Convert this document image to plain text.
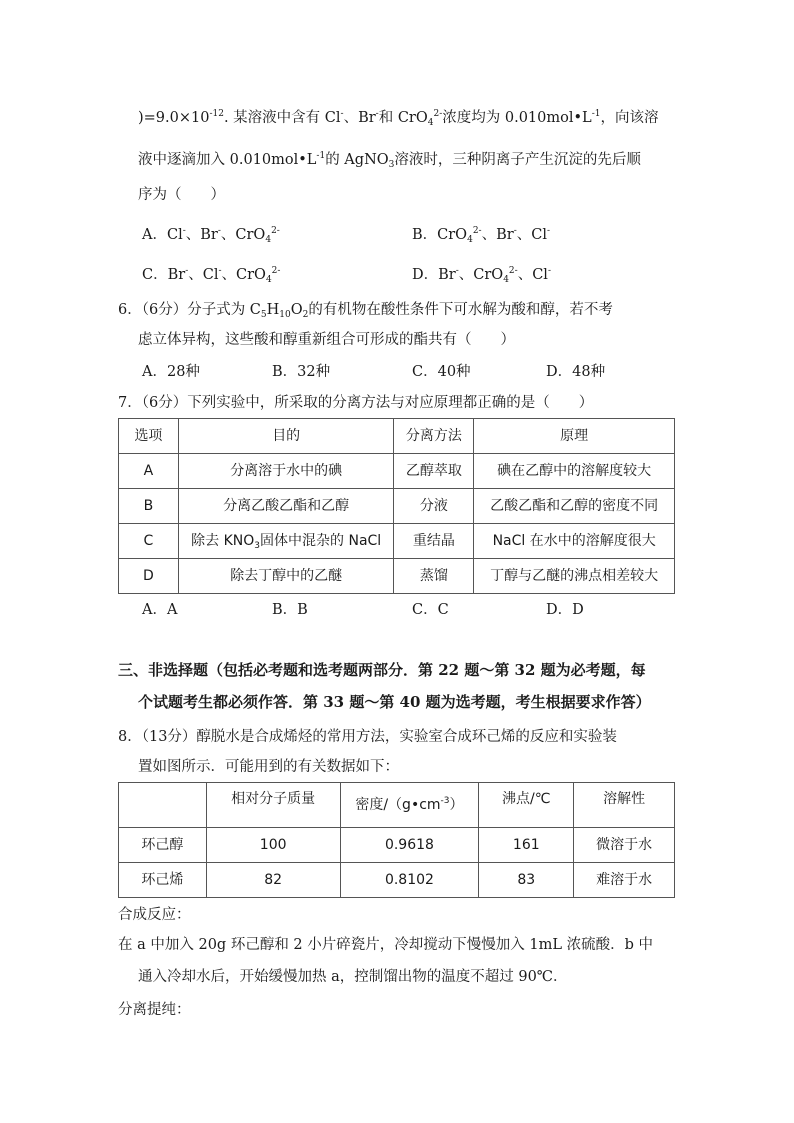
)$=9.0\times 10^{-12}$. 某溶液中含有 Cl-、Br-和 CrO$_4^{2-}$浓度均为 $0.010mol•L^{-1}$，向该溶
液中逐滴加入 $0.010mol•L^{-1}$的 AgNO$_3$溶液时，三种阴离子产生沉淀的先后顺
序为（　　）
A．Cl-、Br-、CrO$_4^{2-}$	B．CrO$_4^{2-}$、Br-、Cl-
C．Br-、Cl-、CrO$_4^{2-}$	D．Br-、CrO$_4^{2-}$、Cl-
6．（6分）分子式为 $C_5H_{10}O_2$的有机物在酸性条件下可水解为酸和醇，若不考
虑立体异构，这些酸和醇重新组合可形成的酯共有（　　）
A．28种	B．32种	C．40种	D．48种
7．（6分）下列实验中，所采取的分离方法与对应原理都正确的是（　　）
选项	目的	分离方法	原理
A	分离溶于水中的碘	乙醇萃取	碘在乙醇中的溶解度较大
B	分离乙酸乙酯和乙醇	分液	乙酸乙酯和乙醇的密度不同
C	除去 $KNO_3$固体中混杂的 NaCl	重结晶	NaCl 在水中的溶解度很大
D	除去丁醇中的乙醚	蒸馏	丁醇与乙醚的沸点相差较大
A．A	B．B	C．C	D．D
三、非选择题（包括必考题和选考题两部分．第 22 题～第 32 题为必考题，每
个试题考生都必须作答．第 33 题～第 40 题为选考题，考生根据要求作答）
8．（13分）醇脱水是合成烯烃的常用方法，实验室合成环己烯的反应和实验装
置如图所示．可能用到的有关数据如下：
	相对分子质量	密度$/(g•cm^{-3})$	沸点/℃	溶解性
环己醇	100	0.9618	161	微溶于水
环己烯	82	0.8102	83	难溶于水
合成反应：
在 a 中加入 20g 环己醇和 2 小片碎瓷片，冷却搅动下慢慢加入 1mL 浓硫酸．b 中
通入冷却水后，开始缓慢加热 a，控制馏出物的温度不超过 90℃．
分离提纯：
